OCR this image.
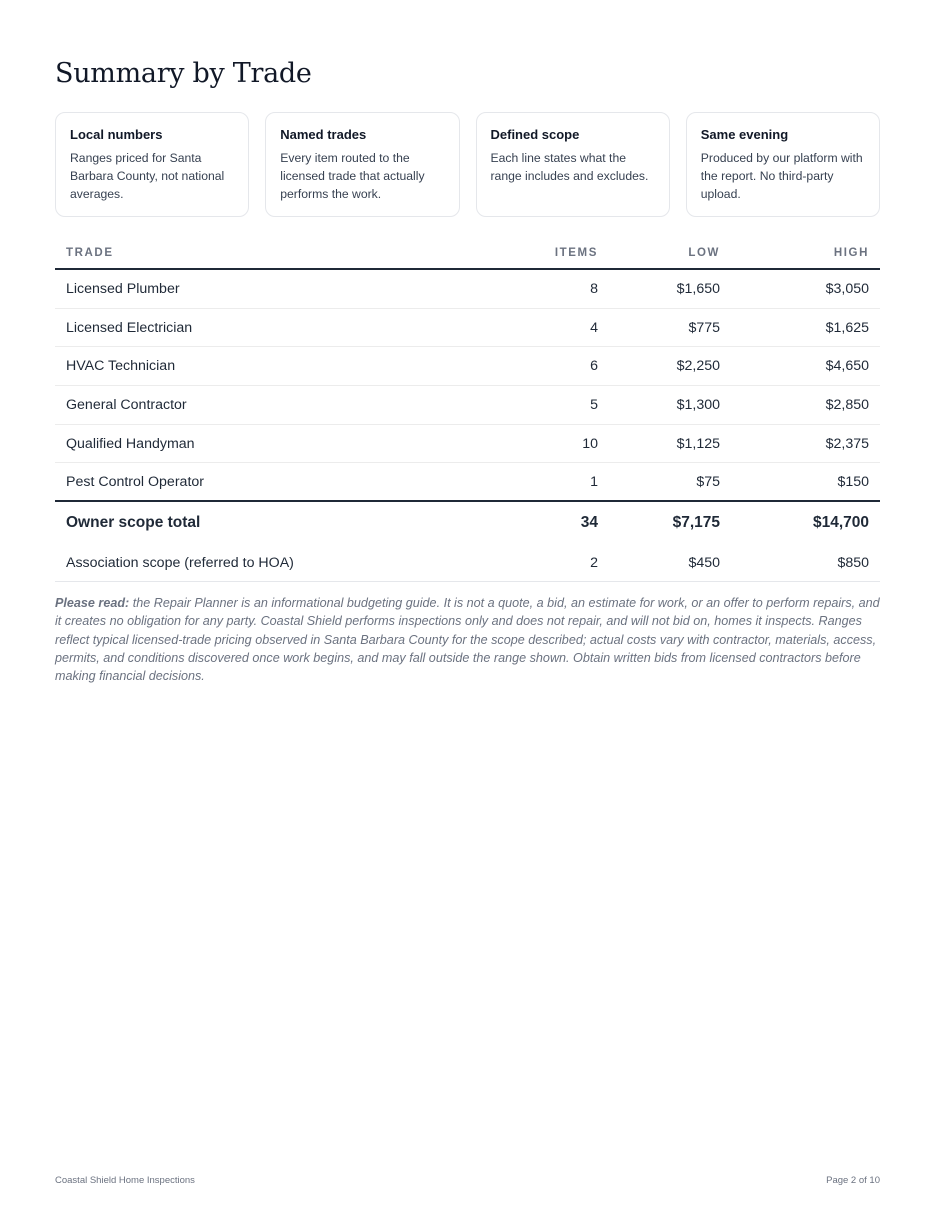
Summary by Trade
Local numbers
Ranges priced for Santa Barbara County, not national averages.
Named trades
Every item routed to the licensed trade that actually performs the work.
Defined scope
Each line states what the range includes and excludes.
Same evening
Produced by our platform with the report. No third-party upload.
TRADE	ITEMS	LOW	HIGH
Licensed Plumber	8	$1,650	$3,050
Licensed Electrician	4	$775	$1,625
HVAC Technician	6	$2,250	$4,650
General Contractor	5	$1,300	$2,850
Qualified Handyman	10	$1,125	$2,375
Pest Control Operator	1	$75	$150
Owner scope total	34	$7,175	$14,700
Association scope (referred to HOA)	2	$450	$850

Please read: the Repair Planner is an informational budgeting guide. It is not a quote, a bid, an estimate for work, or an offer to perform repairs, and it creates no obligation for any party. Coastal Shield performs inspections only and does not repair, and will not bid on, homes it inspects. Ranges reflect typical licensed-trade pricing observed in Santa Barbara County for the scope described; actual costs vary with contractor, materials, access, permits, and conditions discovered once work begins, and may fall outside the range shown. Obtain written bids from licensed contractors before making financial decisions.

Coastal Shield Home Inspections	Page 2 of 10
